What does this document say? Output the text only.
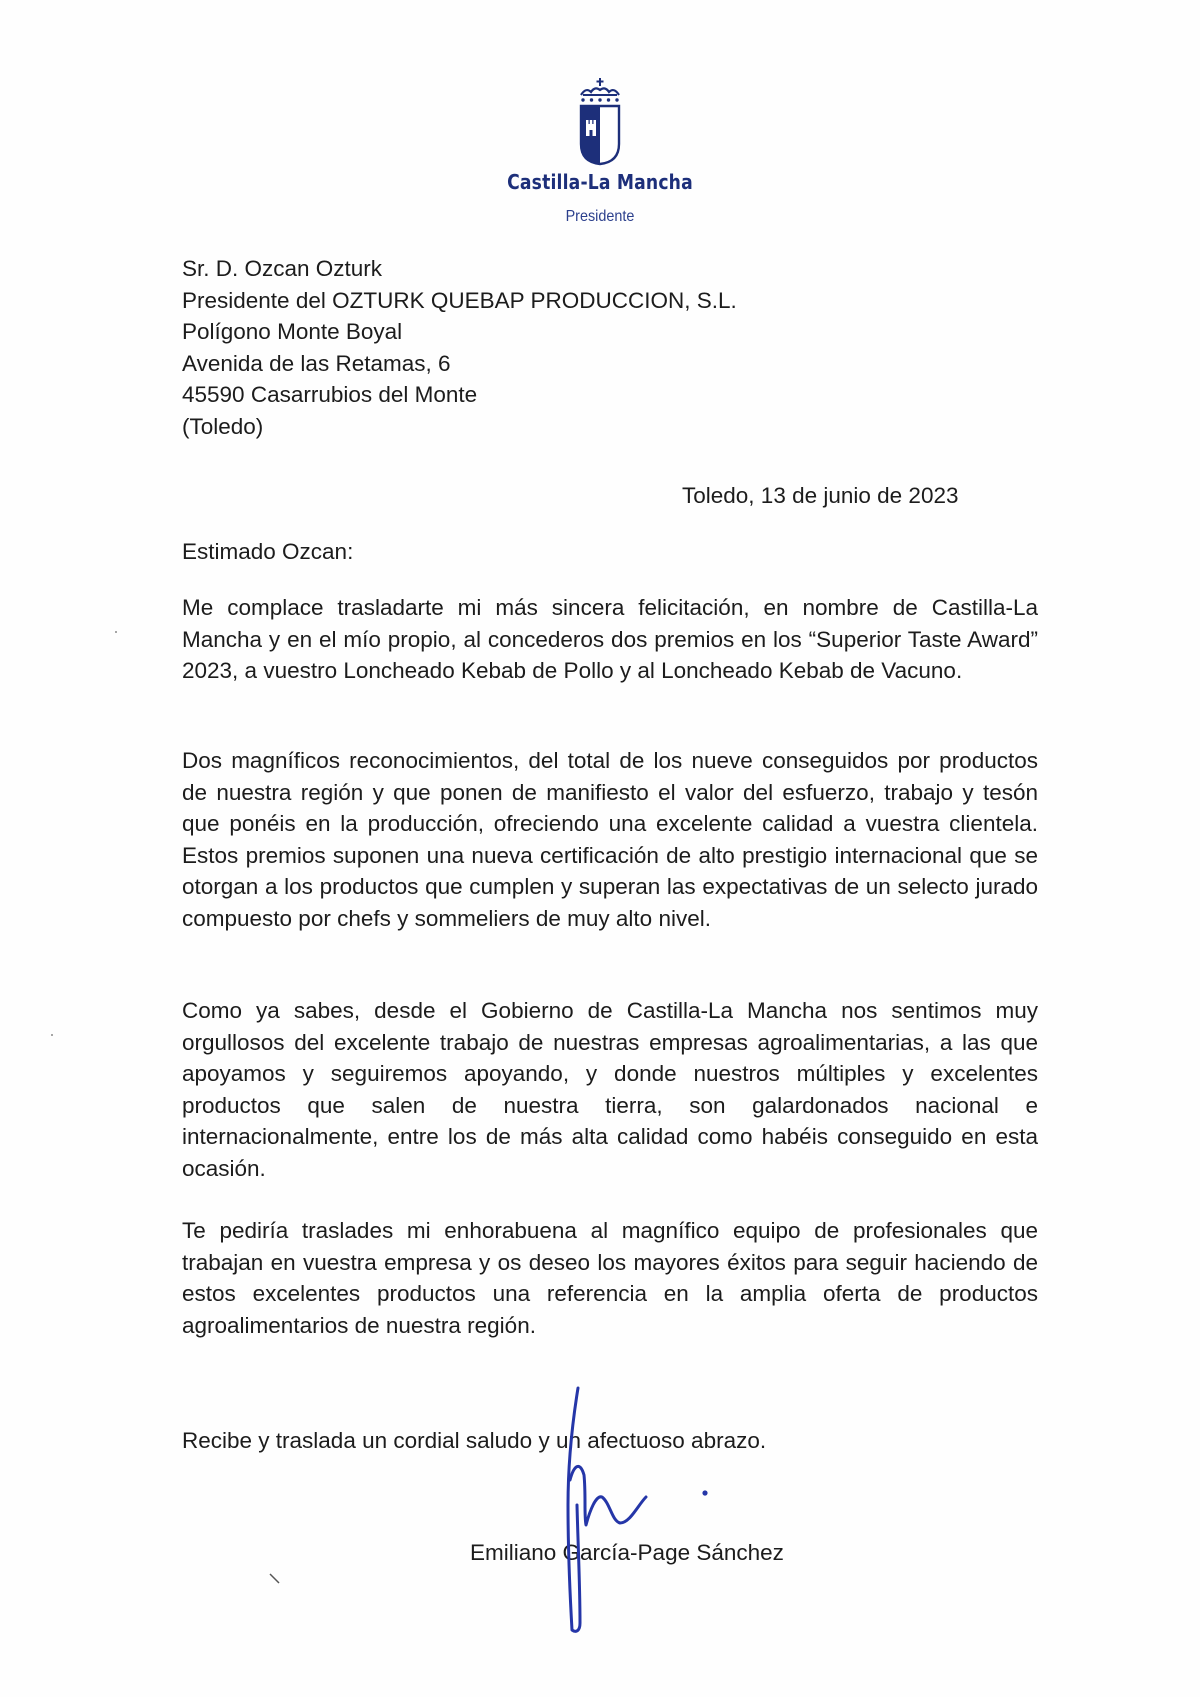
Castilla-La Mancha
Presidente
Sr. D. Ozcan Ozturk
Presidente del OZTURK QUEBAP PRODUCCION, S.L.
Polígono Monte Boyal
Avenida de las Retamas, 6
45590 Casarrubios del Monte
(Toledo)
Toledo, 13 de junio de 2023
Estimado Ozcan:
Me complace trasladarte mi más sincera felicitación, en nombre de Castilla-La Mancha y en el mío propio, al concederos dos premios en los “Superior Taste Award” 2023, a vuestro Loncheado Kebab de Pollo y al Loncheado Kebab de Vacuno.
Dos magníficos reconocimientos, del total de los nueve conseguidos por productos de nuestra región y que ponen de manifiesto el valor del esfuerzo, trabajo y tesón que ponéis en la producción, ofreciendo una excelente calidad a vuestra clientela. Estos premios suponen una nueva certificación de alto prestigio internacional que se otorgan a los productos que cumplen y superan las expectativas de un selecto jurado compuesto por chefs y sommeliers de muy alto nivel.
Como ya sabes, desde el Gobierno de Castilla-La Mancha nos sentimos muy orgullosos del excelente trabajo de nuestras empresas agroalimentarias, a las que apoyamos y seguiremos apoyando, y donde nuestros múltiples y excelentes productos que salen de nuestra tierra, son galardonados nacional e internacionalmente, entre los de más alta calidad como habéis conseguido en esta ocasión.
Te pediría traslades mi enhorabuena al magnífico equipo de profesionales que trabajan en vuestra empresa y os deseo los mayores éxitos para seguir haciendo de estos excelentes productos una referencia en la amplia oferta de productos agroalimentarios de nuestra región.
Recibe y traslada un cordial saludo y un afectuoso abrazo.
Emiliano García-Page Sánchez
